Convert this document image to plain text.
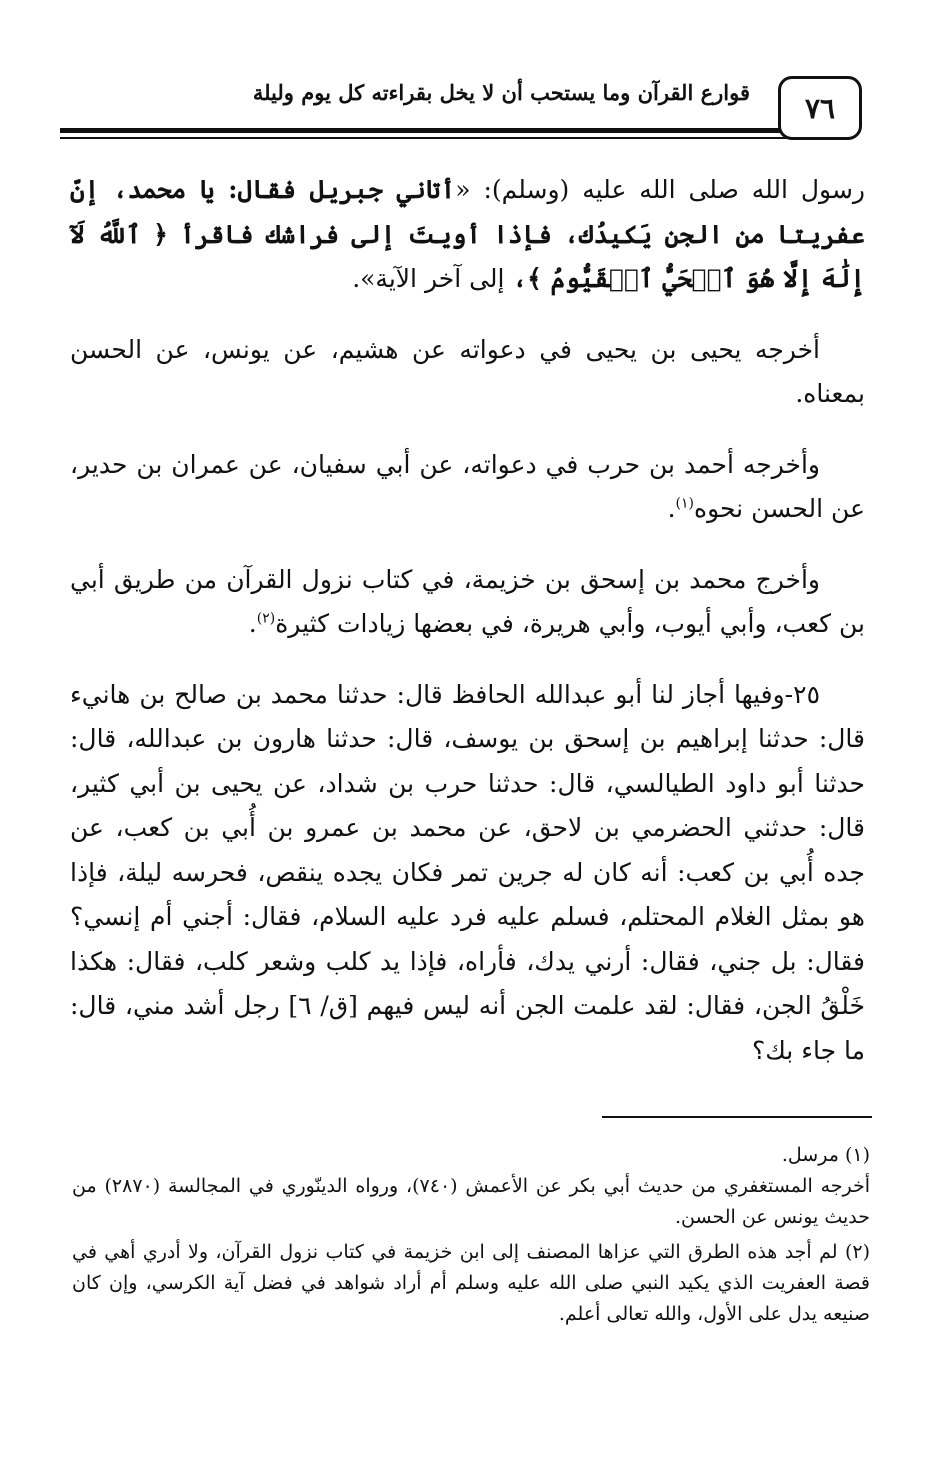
٧٦
قوارع القرآن وما يستحب أن لا يخل بقراءته كل يوم وليلة

رسول الله صلى الله عليه (وسلم): «أتاني جبريل فقال: يا محمد، إنّ عفريتا من الجن يَكيدُك، فإذا أويتَ إلى فراشك فاقرأ ﴿ ٱللَّهُ لَآ إِلَٰهَ إِلَّا هُوَ ٱلۡحَيُّ ٱلۡقَيُّومُ ﴾، إلى آخر الآية».

أخرجه يحيى بن يحيى في دعواته عن هشيم، عن يونس، عن الحسن بمعناه.

وأخرجه أحمد بن حرب في دعواته، عن أبي سفيان، عن عمران بن حدير، عن الحسن نحوه$^{(١)}$.

وأخرج محمد بن إسحق بن خزيمة، في كتاب نزول القرآن من طريق أبي بن كعب، وأبي أيوب، وأبي هريرة، في بعضها زيادات كثيرة$^{(٢)}$.

٢٥-وفيها أجاز لنا أبو عبدالله الحافظ قال: حدثنا محمد بن صالح بن هانيء قال: حدثنا إبراهيم بن إسحق بن يوسف، قال: حدثنا هارون بن عبدالله، قال: حدثنا أبو داود الطيالسي، قال: حدثنا حرب بن شداد، عن يحيى بن أبي كثير، قال: حدثني الحضرمي بن لاحق، عن محمد بن عمرو بن أُبي بن كعب، عن جده أُبي بن كعب: أنه كان له جرين تمر فكان يجده ينقص، فحرسه ليلة، فإذا هو بمثل الغلام المحتلم، فسلم عليه فرد عليه السلام، فقال: أجني أم إنسي؟ فقال: بل جني، فقال: أرني يدك، فأراه، فإذا يد كلب وشعر كلب، فقال: هكذا خَلْقُ الجن، فقال: لقد علمت الجن أنه ليس فيهم [ق/ ٦] رجل أشد مني، قال: ما جاء بك؟

(١) مرسل.
أخرجه المستغفري من حديث أبي بكر عن الأعمش (٧٤٠)، ورواه الدينّوري في المجالسة (٢٨٧٠) من حديث يونس عن الحسن.
(٢) لم أجد هذه الطرق التي عزاها المصنف إلى ابن خزيمة في كتاب نزول القرآن، ولا أدري أهي في قصة العفريت الذي يكيد النبي صلى الله عليه وسلم أم أراد شواهد في فضل آية الكرسي، وإن كان صنيعه يدل على الأول، والله تعالى أعلم.
